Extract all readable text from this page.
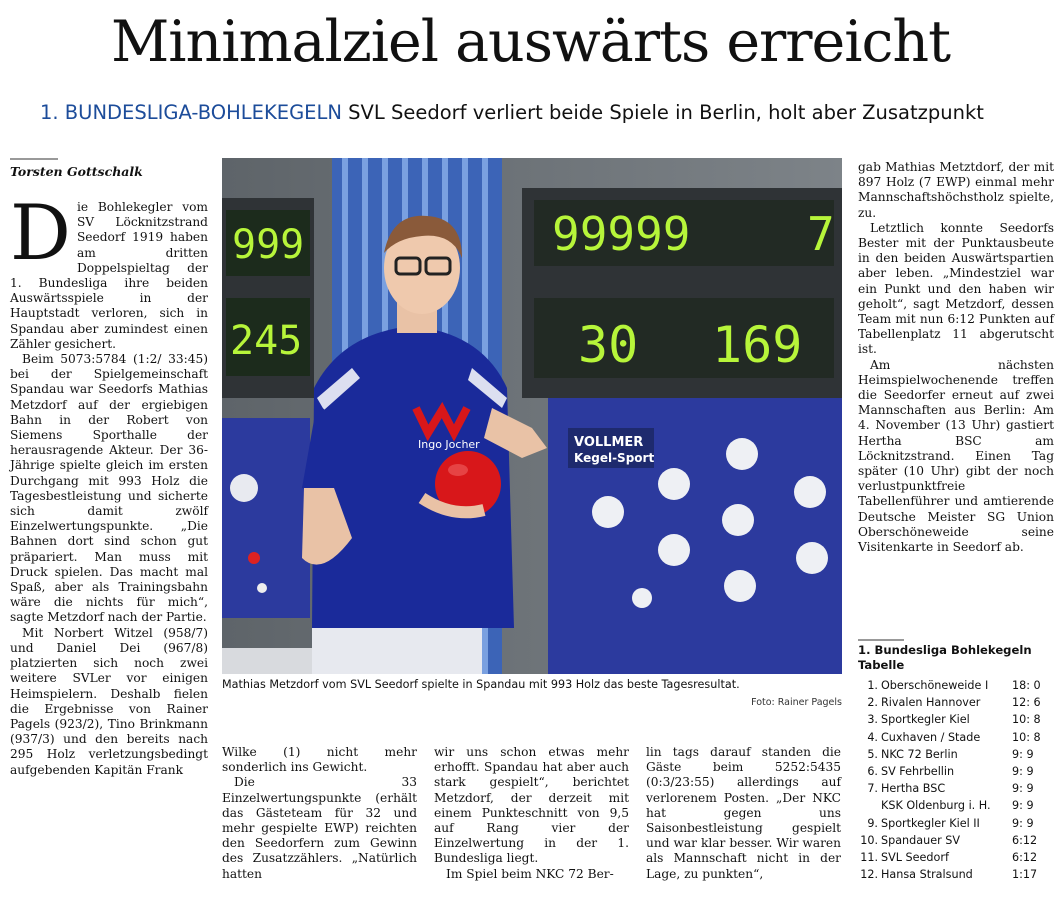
Minimalziel auswärts erreicht
1. BUNDESLIGA-BOHLEKEGELN SVL Seedorf verliert beide Spiele in Berlin, holt aber Zusatzpunkt
Torsten Gottschalk

Die Bohlekegler vom SV Löcknitzstrand Seedorf 1919 haben am dritten Doppelspieltag der 1. Bundesliga ihre beiden Auswärtsspiele in der Hauptstadt verloren, sich in Spandau aber zumindest einen Zähler gesichert.

Beim 5073:5784 (1:2/ 33:45) bei der Spielgemeinschaft Spandau war Seedorfs Mathias Metzdorf auf der ergiebigen Bahn in der Robert von Siemens Sporthalle der herausragende Akteur. Der 36-Jährige spielte gleich im ersten Durchgang mit 993 Holz die Tagesbestleistung und sicherte sich damit zwölf Einzelwertungspunkte. „Die Bahnen dort sind schon gut präpariert. Man muss mit Druck spielen. Das macht mal Spaß, aber als Trainingsbahn wäre die nichts für mich“, sagte Metzdorf nach der Partie.

Mit Norbert Witzel (958/7) und Daniel Dei (967/8) platzierten sich noch zwei weitere SVLer vor einigen Heimspielern. Deshalb fielen die Ergebnisse von Rainer Pagels (923/2), Tino Brinkmann (937/3) und den bereits nach 295 Holz verletzungsbedingt aufgebenden Kapitän Frank

999
245
99999	7
30 169
VOLLMER
Kegel-Sport
Ingo Jocher
Mathias Metzdorf vom SVL Seedorf spielte in Spandau mit 993 Holz das beste Tagesresultat.
Foto: Rainer Pagels

Wilke (1) nicht mehr sonderlich ins Gewicht.

Die 33 Einzelwertungspunkte (erhält das Gästeteam für 32 und mehr gespielte EWP) reichten den Seedorfern zum Gewinn des Zusatzzählers. „Natürlich hatten

wir uns schon etwas mehr erhofft. Spandau hat aber auch stark gespielt“, berichtet Metzdorf, der derzeit mit einem Punkteschnitt von 9,5 auf Rang vier der Einzelwertung in der 1. Bundesliga liegt.

Im Spiel beim NKC 72 Ber-

lin tags darauf standen die Gäste beim 5252:5435 (0:3/23:55) allerdings auf verlorenem Posten. „Der NKC hat gegen uns Saisonbestleistung gespielt und war klar besser. Wir waren als Mannschaft nicht in der Lage, zu punkten“,

gab Mathias Metztdorf, der mit 897 Holz (7 EWP) einmal mehr Mannschaftshöchstholz spielte, zu.

Letztlich konnte Seedorfs Bester mit der Punktausbeute in den beiden Auswärtspartien aber leben. „Mindestziel war ein Punkt und den haben wir geholt“, sagt Metzdorf, dessen Team mit nun 6:12 Punkten auf Tabellenplatz 11 abgerutscht ist.

Am nächsten Heimspielwochenende treffen die Seedorfer erneut auf zwei Mannschaften aus Berlin: Am 4. November (13 Uhr) gastiert Hertha BSC am Löcknitzstrand. Einen Tag später (10 Uhr) gibt der noch verlustpunktfreie Tabellenführer und amtierende Deutsche Meister SG Union Oberschöneweide seine Visitenkarte in Seedorf ab.

1. Bundesliga Bohlekegeln
Tabelle
1. Oberschöneweide I 18: 0
2. Rivalen Hannover	12: 6
3. Sportkegler Kiel	10: 8
4. Cuxhaven / Stade	10: 8
5. NKC 72 Berlin	9: 9
6. SV Fehrbellin	9: 9
7. Hertha BSC	9: 9
KSK Oldenburg i. H. 9: 9
9. Sportkegler Kiel II	9: 9
10. Spandauer SV	6:12
11. SVL Seedorf	6:12
12. Hansa Stralsund	1:17
